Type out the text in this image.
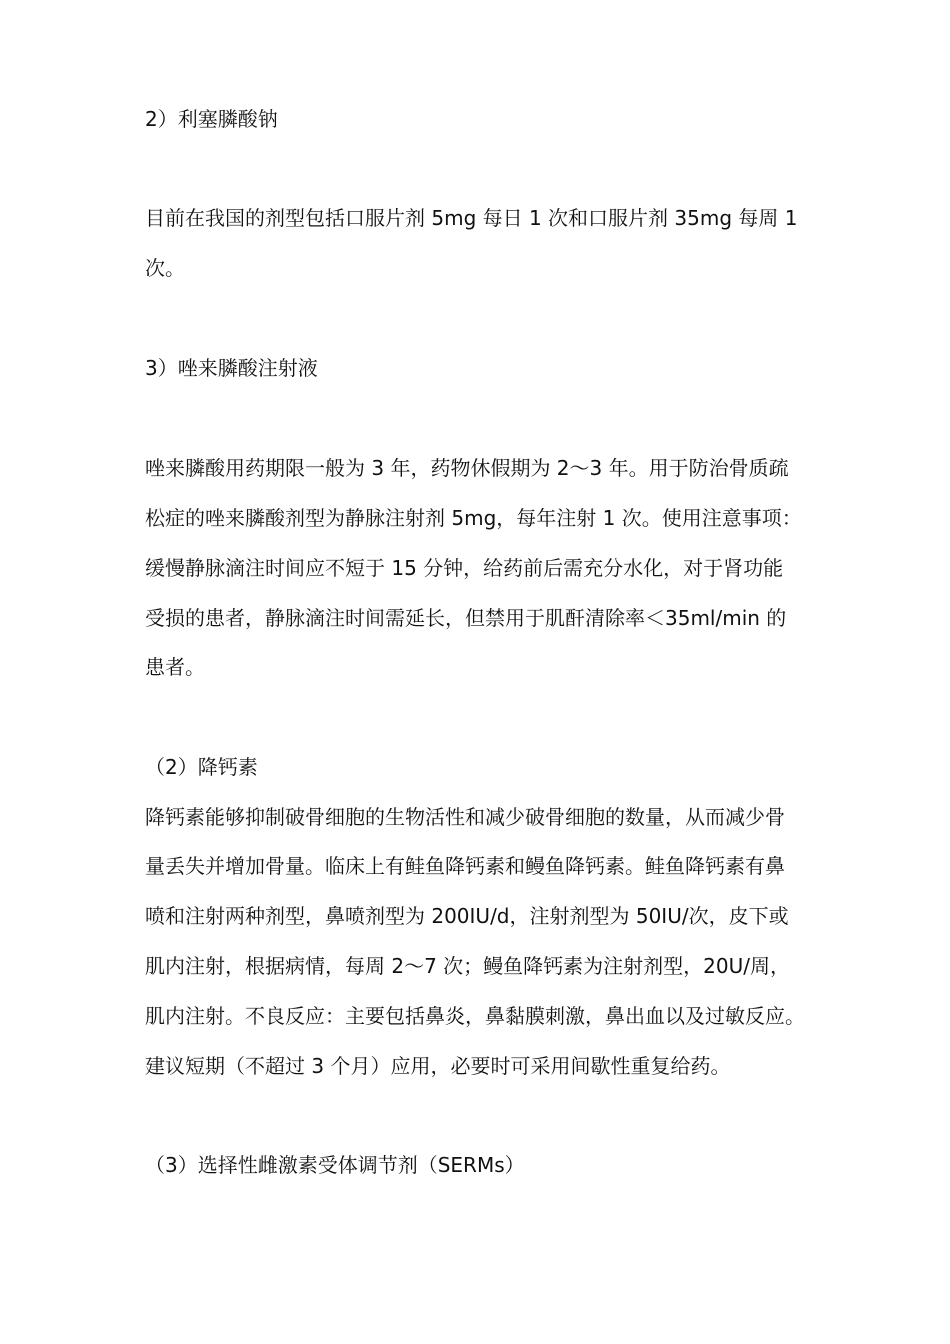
2）利塞膦酸钠

目前在我国的剂型包括口服片剂 5mg 每日 1 次和口服片剂 35mg 每周 1

次。

3）唑来膦酸注射液

唑来膦酸用药期限一般为 3 年，药物休假期为 2～3 年。用于防治骨质疏

松症的唑来膦酸剂型为静脉注射剂 5mg，每年注射 1 次。使用注意事项：

缓慢静脉滴注时间应不短于 15 分钟，给药前后需充分水化，对于肾功能

受损的患者，静脉滴注时间需延长，但禁用于肌酐清除率＜35ml/min 的

患者。

（2）降钙素

降钙素能够抑制破骨细胞的生物活性和减少破骨细胞的数量，从而减少骨

量丢失并增加骨量。临床上有鲑鱼降钙素和鳗鱼降钙素。鲑鱼降钙素有鼻

喷和注射两种剂型，鼻喷剂型为 200IU/d，注射剂型为 50IU/次，皮下或

肌内注射，根据病情，每周 2～7 次；鳗鱼降钙素为注射剂型，20U/周，

肌内注射。不良反应：主要包括鼻炎，鼻黏膜刺激，鼻出血以及过敏反应。

建议短期（不超过 3 个月）应用，必要时可采用间歇性重复给药。

（3）选择性雌激素受体调节剂（SERMs）
